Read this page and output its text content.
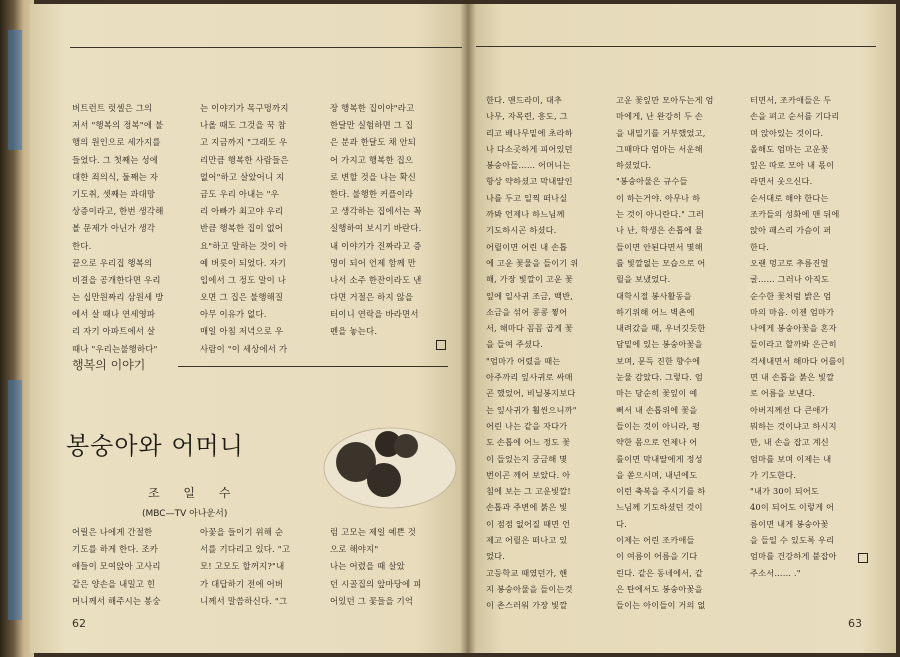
버트런트 럿셀은 그의
저서 "행복의 정복"에 불
행의 원인으로 세가지를
들었다. 그 첫째는 성에
대한 죄의식, 둘째는 자
기도취, 셋째는 과대망
상증이라고, 한번 생각해
볼 문제가 아닌가 생각
한다.
끝으로 우리집 행복의
비결을 공개한다면 우리
는 십만원짜리 삼원세 방
에서 살 때나 연세영파
리 자기 아파트에서 살
때나 "우리는불행하다"
는 이야기가 목구멍까지
나올 때도 그것을 꾹 참
고 지금까지 "그래도 우
리만큼 행복한 사람들은
없어"하고 살았어니 지
금도 우리 아내는 "우
리 아빠가 최고야 우리
반큼 행복한 집이 없어
요"하고 말하는 것이 아
예 버릇이 되었다. 자기
입에서 그 정도 말이 나
오면 그 집은 불행해질
아무 이유가 없다.
매일 아침 저녁으로 우
사람이 "이 세상에서 가
장 행복한 집이야"라고
한달만 실험하면 그 집
은 분과 한달도 채 안되
어 가지고 행복한 집으
로 변할 것을 나는 확신
한다. 불행한 커플이라
고 생각하는 집에서는 꼭
실행하여 보시기 바란다.
내 이야기가 진짜라고 증
명이 되어 언제 함께 만
나서 소주 한잔이라도 낸
다면 거절은 하지 않을
터이니 연락을 바라면서
펜을 놓는다.
행복의 이야기
봉숭아와 어머니
조 일 수
(MBC—TV 아나운서)
어릴은 나에게 간절한
기도를 하게 한다. 조카
애들이 모여앉아 고사리
같은 양손을 내밀고 힌
머니께서 해주시는 봉숭
아꽃을 들이기 위해 순
서를 기다리고 있다. "고
모! 고모도 할꺼지?"내
가 대답하기 전에 어버
니께서 말씀하신다. "그
럼 고모는 제일 예쁜 것
으로 해야지"
나는 어렸을 때 살았
던 시골집의 앞마당에 피
어있던 그 꽃들을 기억
62
한다. 맨드라미, 대추
나무, 자목련, 흥도, 그
리고 배나무밑에 초라하
나 다소곳하게 피어있던
봉숭아들…… 어머니는
항상 약하셨고 막내딸인
나를 두고 일찍 떠나실
까봐 언제나 하느님께
기도하시곤 하셨다.
어릴이면 어린 내 손톱
에 고운 꽃물을 들이기 위
해, 가장 빛깔이 고운 꽃
잎에 일사귀 조금, 백반,
소금을 섞어 콩콩 찧어
서, 해마다 꼼꼼 곱게 꽃
을 들여 주셨다.
"엄마가 어렸을 때는
아주까리 잎사귀로 싸매
곤 했었어, 비닐봉지보다
는 잎사귀가 훨씬으니까"
어린 나는 같을 자다가
도 손톱에 어느 정도 꽃
이 들었는지 궁금해 몇
번이곤 깨어 보았다. 아
침에 보는 그 고운빛깔!
손톱과 주변에 붉은 빛
이 점점 없어질 때면 언
제고 어릴은 떠나고 있
었다.
고등학교 때였던가, 핸
지 봉숭아물을 들이는것
이 촌스러워 가장 빛깔
고운 꽃잎만 모아두는게 엄
마에게, 난 완강히 두 손
을 내밀기를 거부했었고,
그때마다 엄마는 서운해
하셨었다.
"봉숭아물은 규수들
이 하는거야. 아무나 하
는 것이 아니란다." 그러
나 난, 학생은 손톱에 물
들이면 안된다면서 몇해
를 빛깔없는 모습으로 어
릴을 보냈었다.
대학시절 봉사활동을
하기위해 어느 벽촌에
내려갔을 때, 우녀깃듯한
담밑에 있는 봉숭아꽃을
보며, 문득 진한 향수에
눈물 감았다. 그렇다. 엄
마는 당순히 꽃잎이 예
뻐서 내 손톱위에 꽃을
들이는 것이 아니라, 평
약한 몸으로 언제나 어
를이면 막내딸에게 정성
을 쏟으시며, 내년에도
이런 축복을 주시기를 하
느님께 기도하셨던 것이
다.
이제는 어린 조카애들
이 여름이 어름을 기다
린다. 같은 동네에서, 같
은 탄에서도 봉숭아꽃을
들이는 아이들이 거의 없
터면서, 조카애들은 두
손을 펴고 순서를 기다리
며 앉아있는 것이다.
올해도 엄마는 고운꽃
잎은 따로 모아 내 몫이
라면서 웃으신다.
순서대로 해야 한다는
조카들의 성화에 맨 뒤에
앉아 패스리 가슴이 퍼
한다.
오랜 멍고로 추름진얼
굴…… 그러나 아직도
순수한 꽃처럼 밝은 엄
마의 마음. 이젠 엄마가
나에게 봉숭아꽃을 혼자
들이라고 할까봐 은근히
걱세내면서 해마다 어를이
면 내 손톱을 붉은 빛깔
로 어름을 보낸다.
아버지께선 다 큰애가
뭐하는 것이냐고 하시지
만, 내 손을 잡고 계신
엄마를 보며 이제는 내
가 기도한다.
"내가 30이 되어도
40이 되어도 이렇게 어
름이면 내게 봉숭아꽃
을 들일 수 있도록 우리
엄마를 건강하게 붙잡아
주소서…… ."
63
